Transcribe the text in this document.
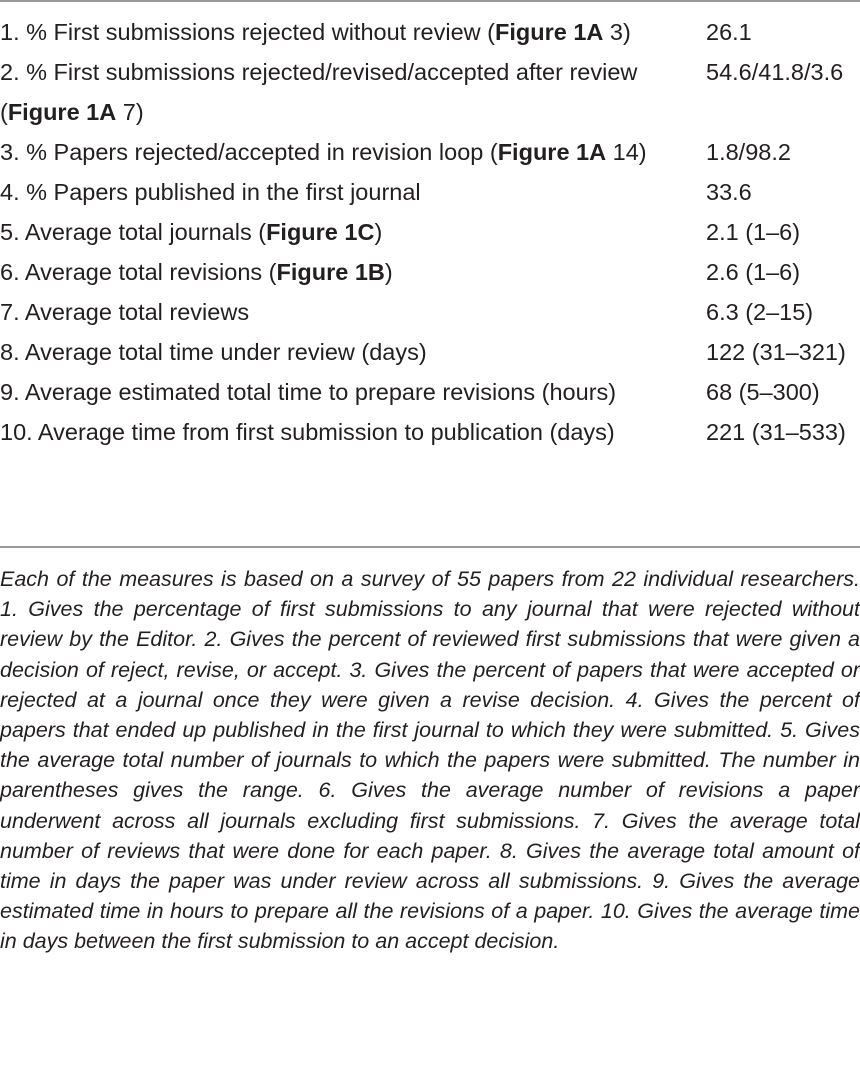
1. % First submissions rejected without review (Figure 1A 3)	26.1
2. % First submissions rejected/revised/accepted after review (Figure 1A 7)	54.6/41.8/3.6
3. % Papers rejected/accepted in revision loop (Figure 1A 14)	1.8/98.2
4. % Papers published in the first journal	33.6
5. Average total journals (Figure 1C)	2.1 (1–6)
6. Average total revisions (Figure 1B)	2.6 (1–6)
7. Average total reviews	6.3 (2–15)
8. Average total time under review (days)	122 (31–321)
9. Average estimated total time to prepare revisions (hours)	68 (5–300)
10. Average time from first submission to publication (days)	221 (31–533)

Each of the measures is based on a survey of 55 papers from 22 individual researchers. 1. Gives the percentage of first submissions to any journal that were rejected without review by the Editor. 2. Gives the percent of reviewed first submissions that were given a decision of reject, revise, or accept. 3. Gives the percent of papers that were accepted or rejected at a journal once they were given a revise decision. 4. Gives the percent of papers that ended up published in the first journal to which they were submitted. 5. Gives the average total number of journals to which the papers were submitted. The number in parentheses gives the range. 6. Gives the average number of revisions a paper underwent across all journals excluding first submissions. 7. Gives the average total number of reviews that were done for each paper. 8. Gives the average total amount of time in days the paper was under review across all submissions. 9. Gives the average estimated time in hours to prepare all the revisions of a paper. 10. Gives the average time in days between the first submission to an accept decision.
